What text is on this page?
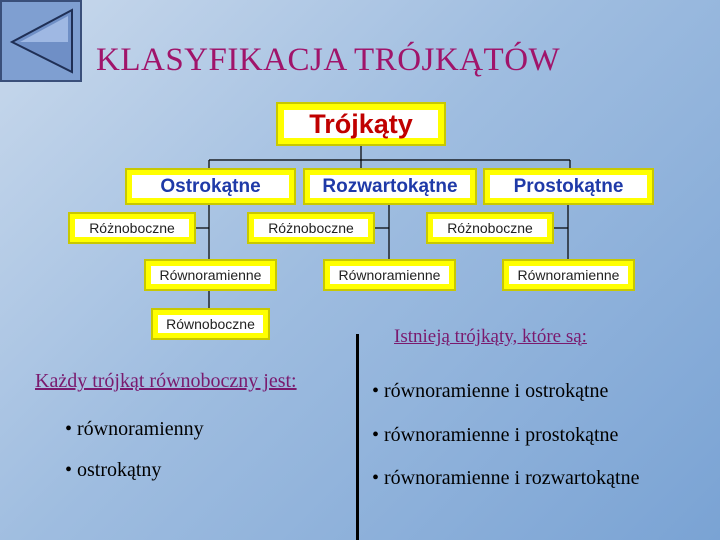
KLASYFIKACJA TRÓJKĄTÓW
Trójkąty
Ostrokątne	Rozwartokątne	Prostokątne
Różnoboczne	Różnoboczne	Różnoboczne
Równoramienne	Równoramienne	Równoramienne
Równoboczne
Istnieją trójkąty, które są:
Każdy trójkąt równoboczny jest:
• równoramienny
• ostrokątny
• równoramienne i ostrokątne
• równoramienne i prostokątne
• równoramienne i rozwartokątne
